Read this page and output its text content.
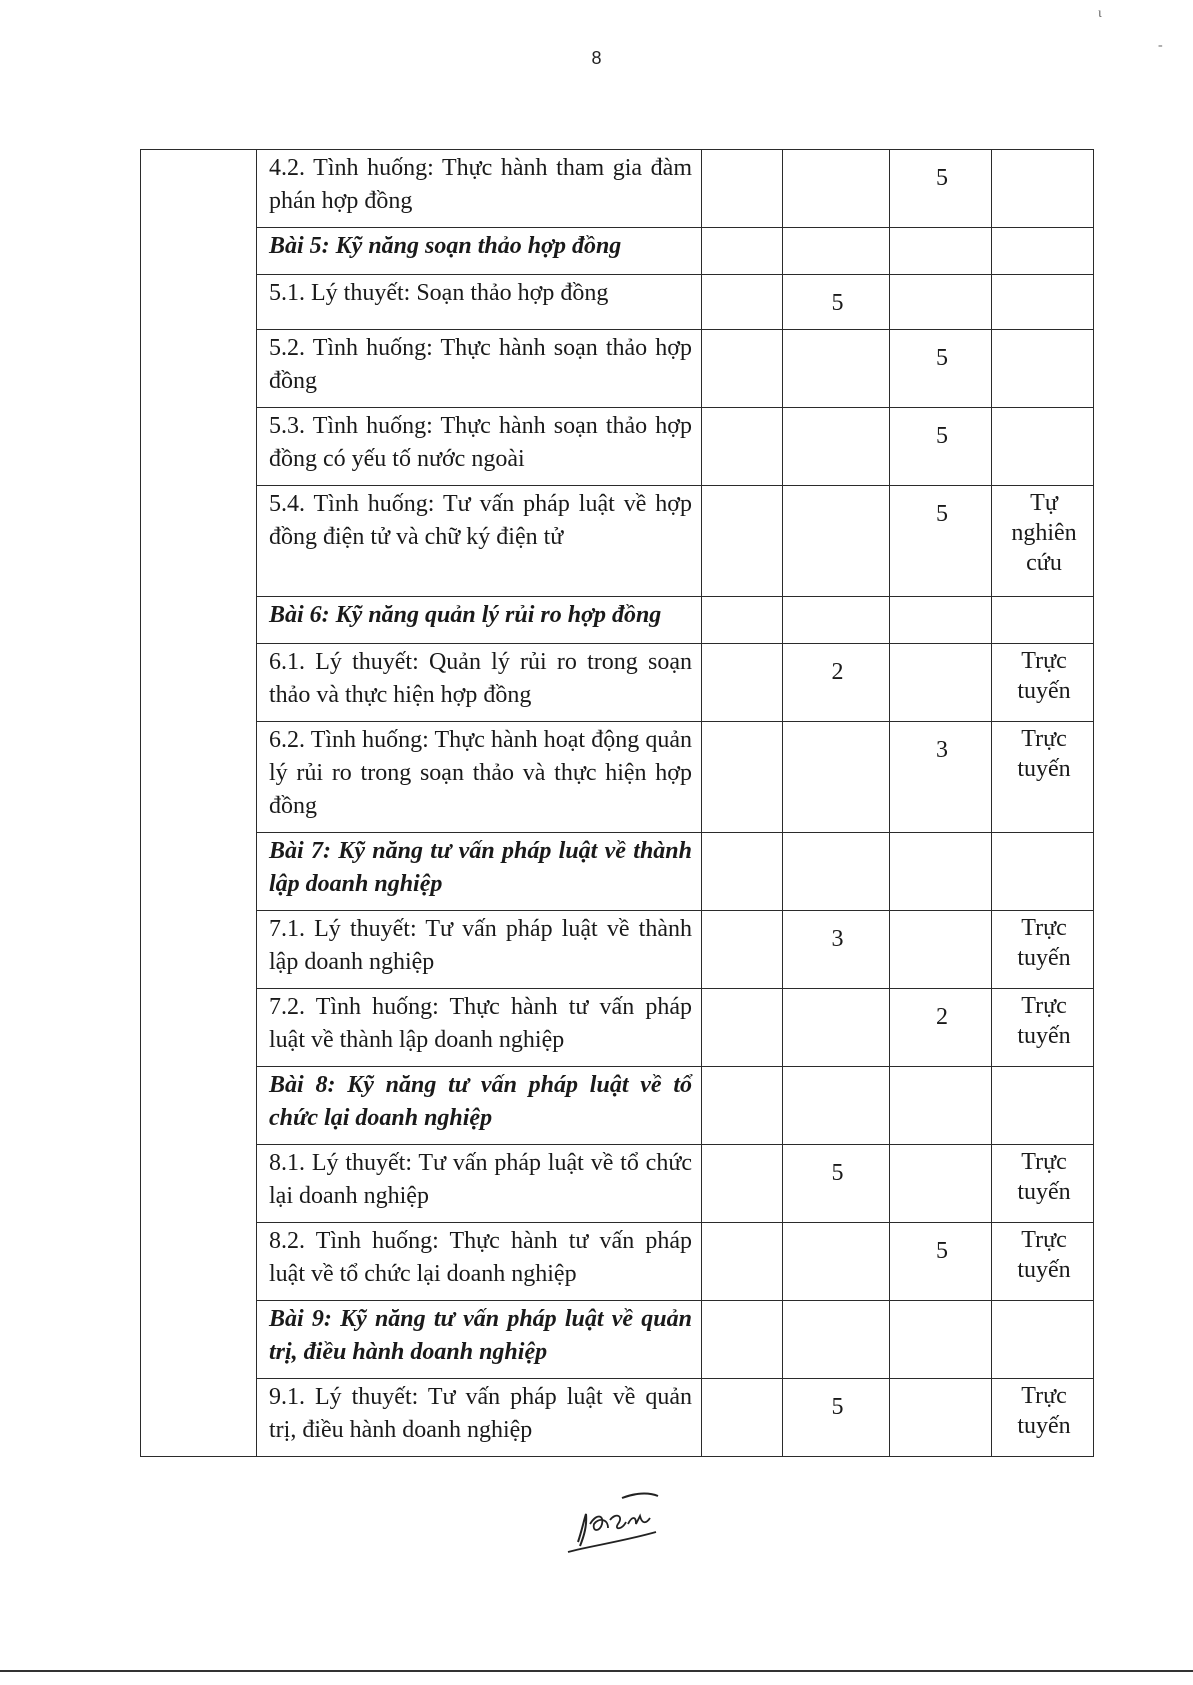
8
ɩ
-
	4.2. Tình huống: Thực hành tham gia đàm phán hợp đồng			5	
	Bài 5: Kỹ năng soạn thảo hợp đồng				
	5.1. Lý thuyết: Soạn thảo hợp đồng		5		
	5.2. Tình huống: Thực hành soạn thảo hợp đồng			5	
	5.3. Tình huống: Thực hành soạn thảo hợp đồng có yếu tố nước ngoài			5	
	5.4. Tình huống: Tư vấn pháp luật về hợp đồng điện tử và chữ ký điện tử			5	Tự nghiên cứu
	Bài 6: Kỹ năng quản lý rủi ro hợp đồng				
	6.1. Lý thuyết: Quản lý rủi ro trong soạn thảo và thực hiện hợp đồng		2		Trực tuyến
	6.2. Tình huống: Thực hành hoạt động quản lý rủi ro trong soạn thảo và thực hiện hợp đồng			3	Trực tuyến
	Bài 7: Kỹ năng tư vấn pháp luật về thành lập doanh nghiệp				
	7.1. Lý thuyết: Tư vấn pháp luật về thành lập doanh nghiệp		3		Trực tuyến
	7.2. Tình huống: Thực hành tư vấn pháp luật về thành lập doanh nghiệp			2	Trực tuyến
	Bài 8: Kỹ năng tư vấn pháp luật về tổ chức lại doanh nghiệp				
	8.1. Lý thuyết: Tư vấn pháp luật về tổ chức lại doanh nghiệp		5		Trực tuyến
	8.2. Tình huống: Thực hành tư vấn pháp luật về tổ chức lại doanh nghiệp			5	Trực tuyến
	Bài 9: Kỹ năng tư vấn pháp luật về quản trị, điều hành doanh nghiệp				
	9.1. Lý thuyết: Tư vấn pháp luật về quản trị, điều hành doanh nghiệp		5		Trực tuyến
